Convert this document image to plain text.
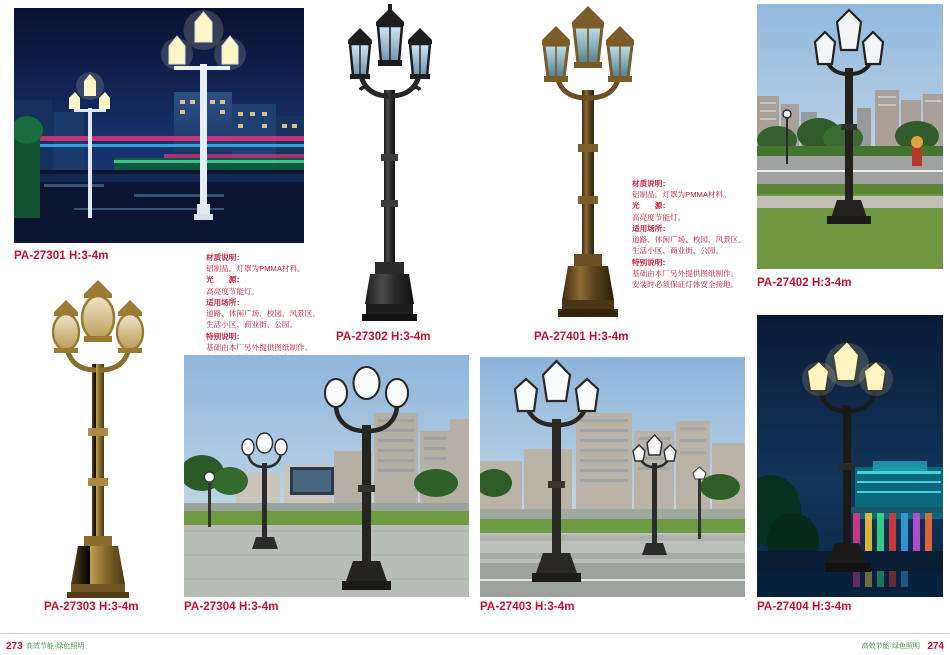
PA-27301 H:3-4m	材质说明：
铝制品。灯罩为PMMA材料。
光　　源：
高亮度节能灯。
适用场所：
道路、休闲广场、校园、风景区、
生活小区、商业街、公园。
特别说明：
基础由本厂另外提供图纸制作。
PA-27302 H:3-4m	PA-27401 H:3-4m
材质说明：
铝制品。灯罩为PMMA材料。
光　　源：
高亮度节能灯。
适用场所：
道路、休闲广场、校园、风景区、
生活小区、商业街、公园。
特别说明：
基础由本厂另外提供图纸制作。
安装时必须保证灯体安全接地。	PA-27402 H:3-4m
PA-27303 H:3-4m	PA-27304 H:3-4m	PA-27403 H:3-4m	PA-27404 H:3-4m
273 高效节能·绿色照明	高效节能·绿色照明 274
